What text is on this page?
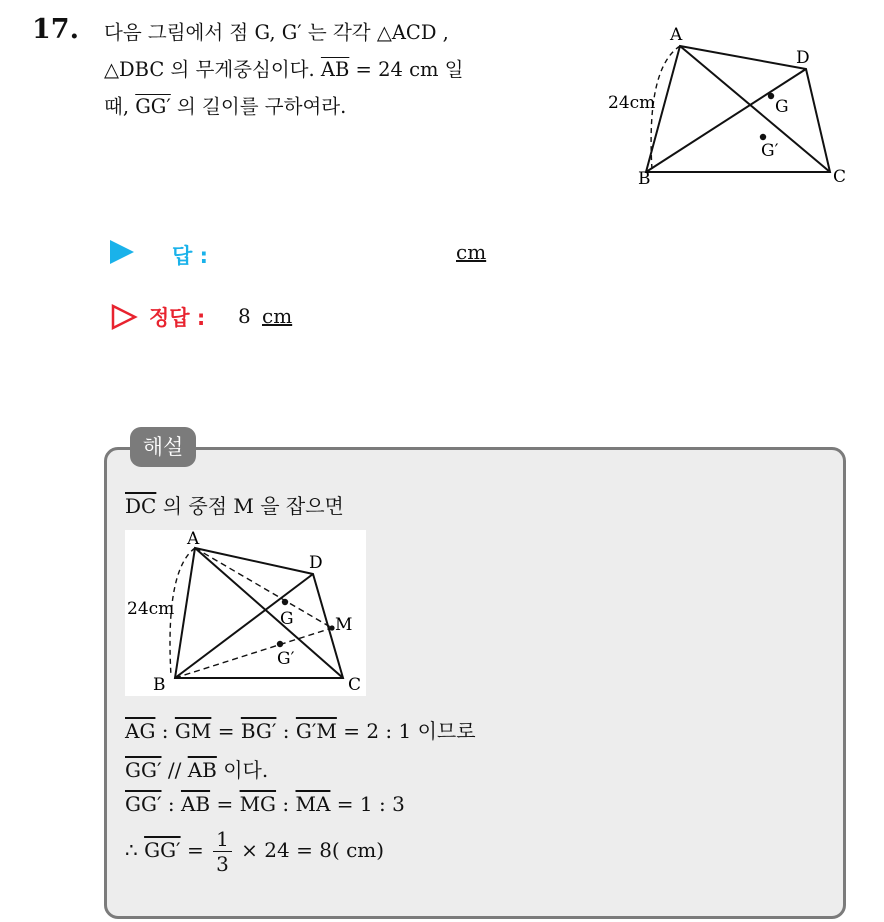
17. 다음 그림에서 점 G, G′ 는 각각 △ACD ,
△DBC 의 무게중심이다. $\overline{AB} = 24$ cm 일
때, GG′ 의 길이를 구하여라.
A
D
B	C
G
G′
24cm
답 :	cm
정답 : 8 cm
해설
$\overline{DC}$ 의 중점 M 을 잡으면
A
D
B	C
M
G
G′
24cm
$\overline{AG}$ : $\overline{GM} = BG'$ : G′M = 2 : 1 이므로
$GG' // \overline{AB}$ 이다.
GG′ : $\overline{AB} = \overline{MG}$ : $\overline{MA} = 1$ : 3
∴ $GG' = \frac{1}{3} \times 24 = 8$( cm)
